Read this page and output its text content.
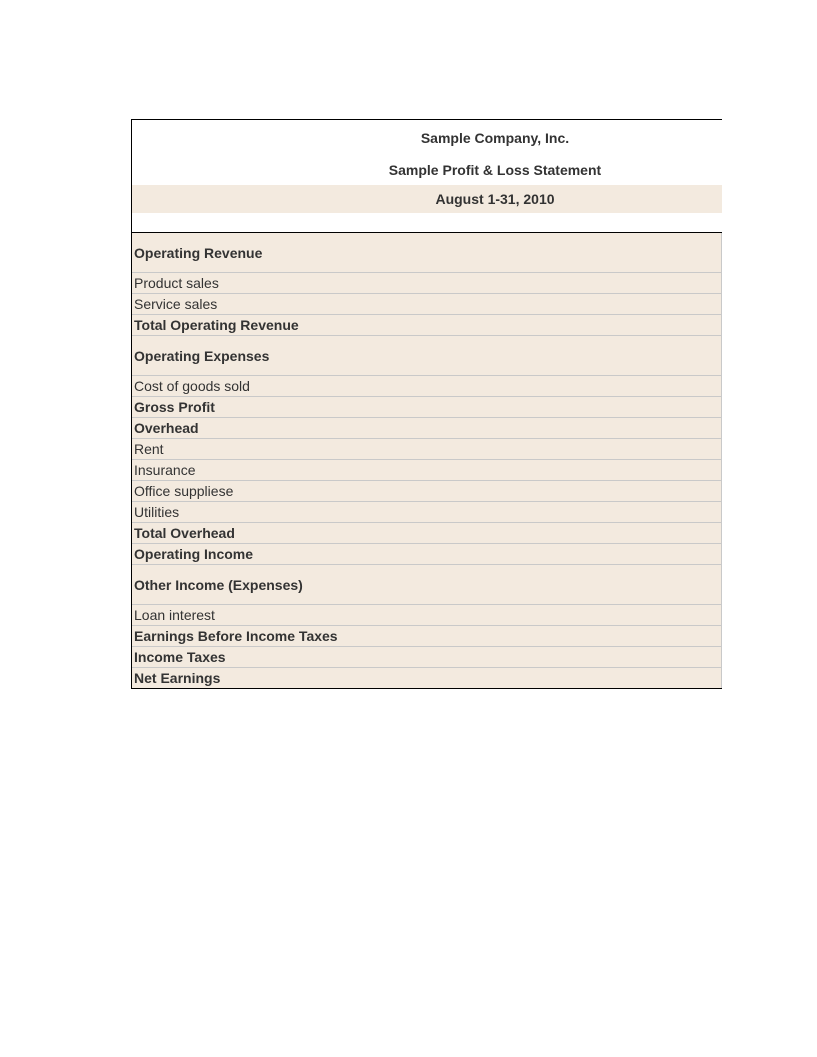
Sample Company, Inc.
Sample Profit & Loss Statement
August 1-31, 2010
Operating Revenue
Product sales
Service sales
Total Operating Revenue
Operating Expenses
Cost of goods sold
Gross Profit
Overhead
Rent
Insurance
Office suppliese
Utilities
Total Overhead
Operating Income
Other Income (Expenses)
Loan interest
Earnings Before Income Taxes
Income Taxes
Net Earnings
